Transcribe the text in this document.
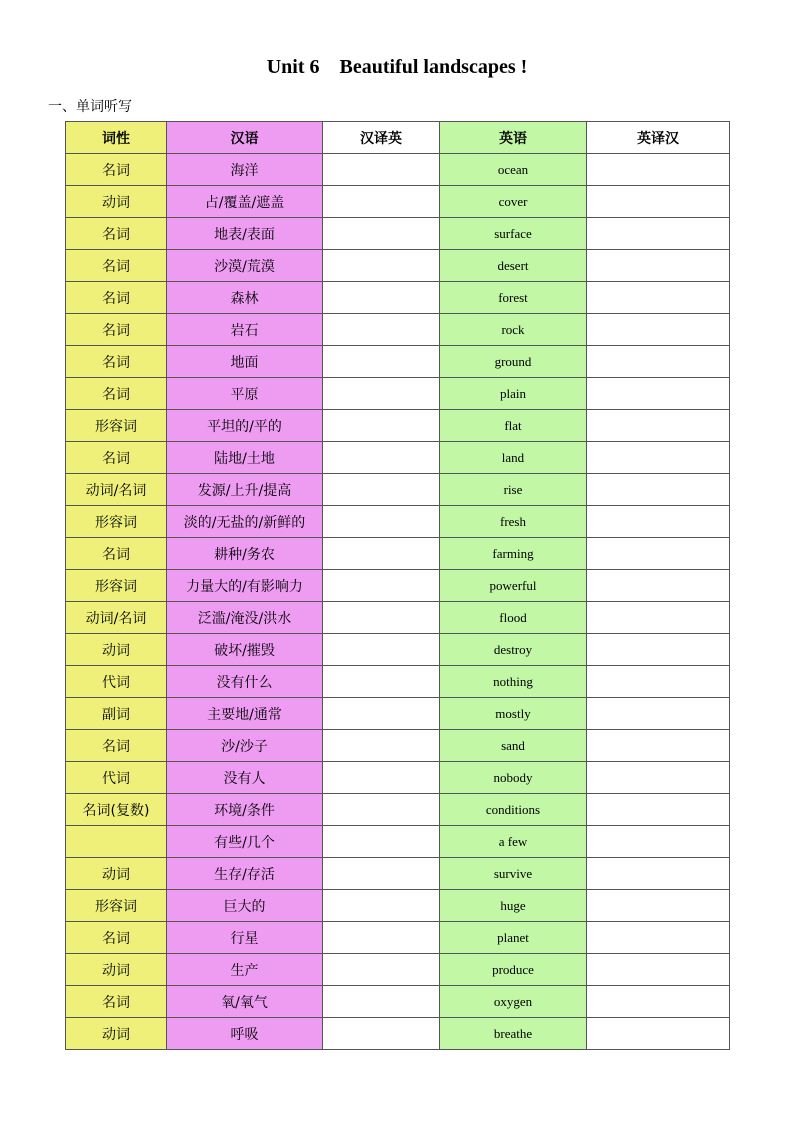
Unit 6    Beautiful landscapes !
一、单词听写
词性	汉语	汉译英	英语	英译汉
名词	海洋		ocean	
动词	占/覆盖/遮盖		cover	
名词	地表/表面		surface	
名词	沙漠/荒漠		desert	
名词	森林		forest	
名词	岩石		rock	
名词	地面		ground	
名词	平原		plain	
形容词	平坦的/平的		flat	
名词	陆地/土地		land	
动词/名词	发源/上升/提高		rise	
形容词	淡的/无盐的/新鲜的		fresh	
名词	耕种/务农		farming	
形容词	力量大的/有影响力		powerful	
动词/名词	泛滥/淹没/洪水		flood	
动词	破坏/摧毁		destroy	
代词	没有什么		nothing	
副词	主要地/通常		mostly	
名词	沙/沙子		sand	
代词	没有人		nobody	
名词(复数)	环境/条件		conditions	
	有些/几个		a few	
动词	生存/存活		survive	
形容词	巨大的		huge	
名词	行星		planet	
动词	生产		produce	
名词	氧/氧气		oxygen	
动词	呼吸		breathe	
